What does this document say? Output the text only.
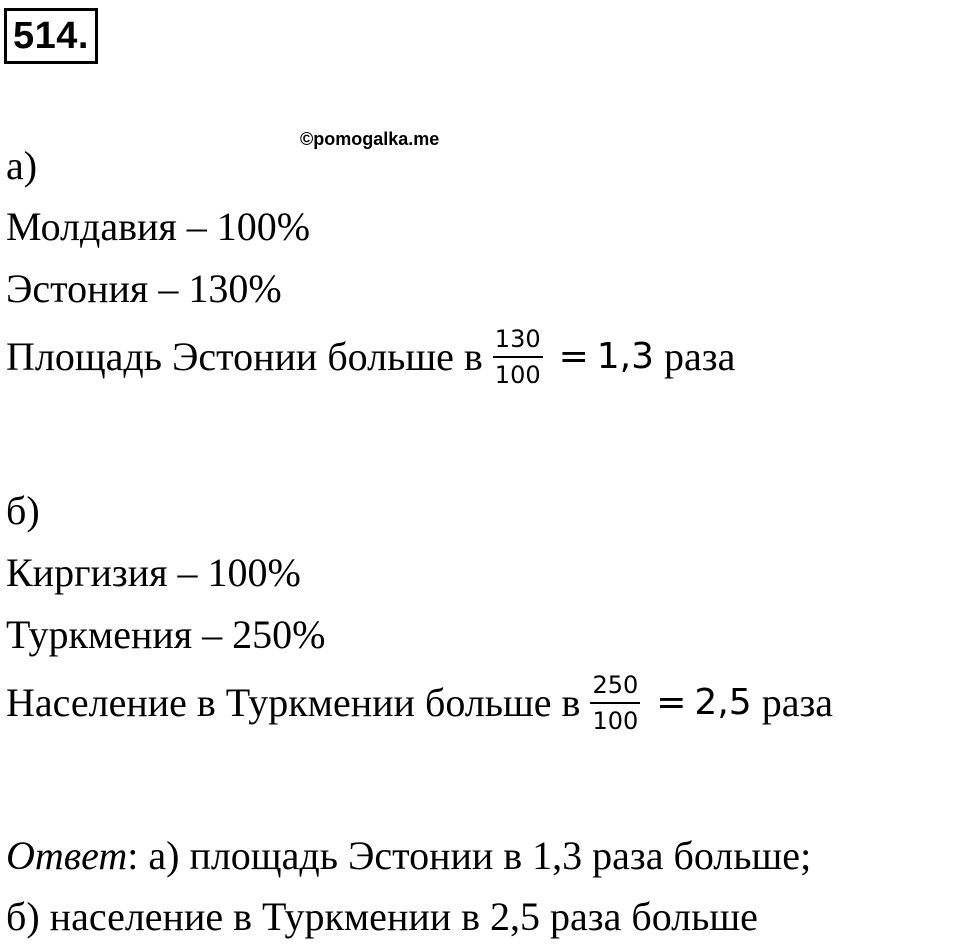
514.
©pomogalka.me
а)
Молдавия – 100%
Эстония – 130%
Площадь Эстонии больше в $\frac{130}{100} = 1,3$ раза
б)
Киргизия – 100%
Туркмения – 250%
Население в Туркмении больше в $\frac{250}{100} = 2,5$ раза
Ответ: а) площадь Эстонии в 1,3 раза больше;
б) население в Туркмении в 2,5 раза больше
